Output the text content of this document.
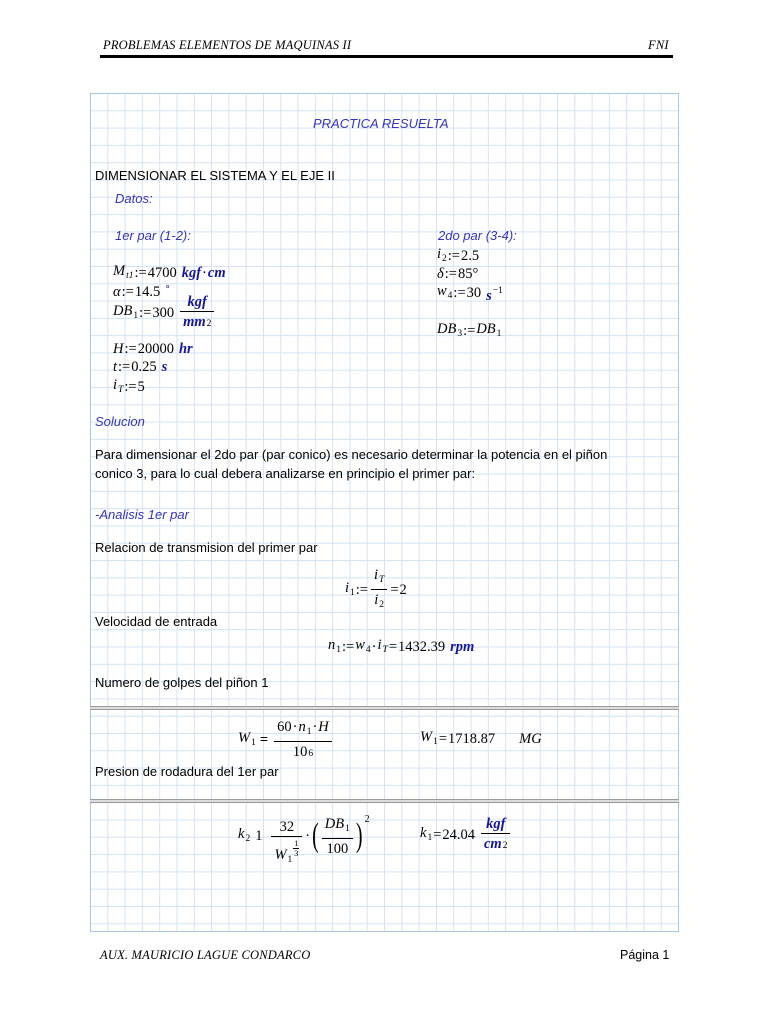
PROBLEMAS ELEMENTOS DE MAQUINAS II	FNI
PRACTICA RESUELTA
DIMENSIONAR EL SISTEMA Y EL EJE II
Datos:
1er par (1-2):	2do par (3-4):
$M_{t1}$ := 4700 kgf · cm
α := 14.5 °
$DB_1$ := 300
kgf
mm 2
H := 20000 hr
t := 0.25 s
$i_T$ := 5
$i_2$ := 2.5
δ := 85°
$w_4$ := 30 $s^{-1}$
$DB_3$ := $DB_1$
Solucion
Para dimensionar el 2do par (par conico) es necesario determinar la potencia en el piñon
conico 3, para lo cual debera analizarse en principio el primer par:
-Analisis 1er par
Relacion de transmision del primer par
$i_1$ := $\frac{i_T}{i_2} = 2$
Velocidad de entrada
$n_1$ := $w_4 \cdot i_T = 1432.39$ rpm
Numero de golpes del piñon 1
$W_1 = \frac{60 \cdot n_1 \cdot H}{10 6}$	$W_1 = 1718.87$ MG
Presion de rodadura del 1er par
$k_2$ 1 32
$W_1$
$\frac{1}{3}$ · ( $\frac{DB_1}{100}$ ) 2
$k_1 = 24.04$
kgf
cm 2
AUX. MAURICIO LAGUE CONDARCO	Página 1
